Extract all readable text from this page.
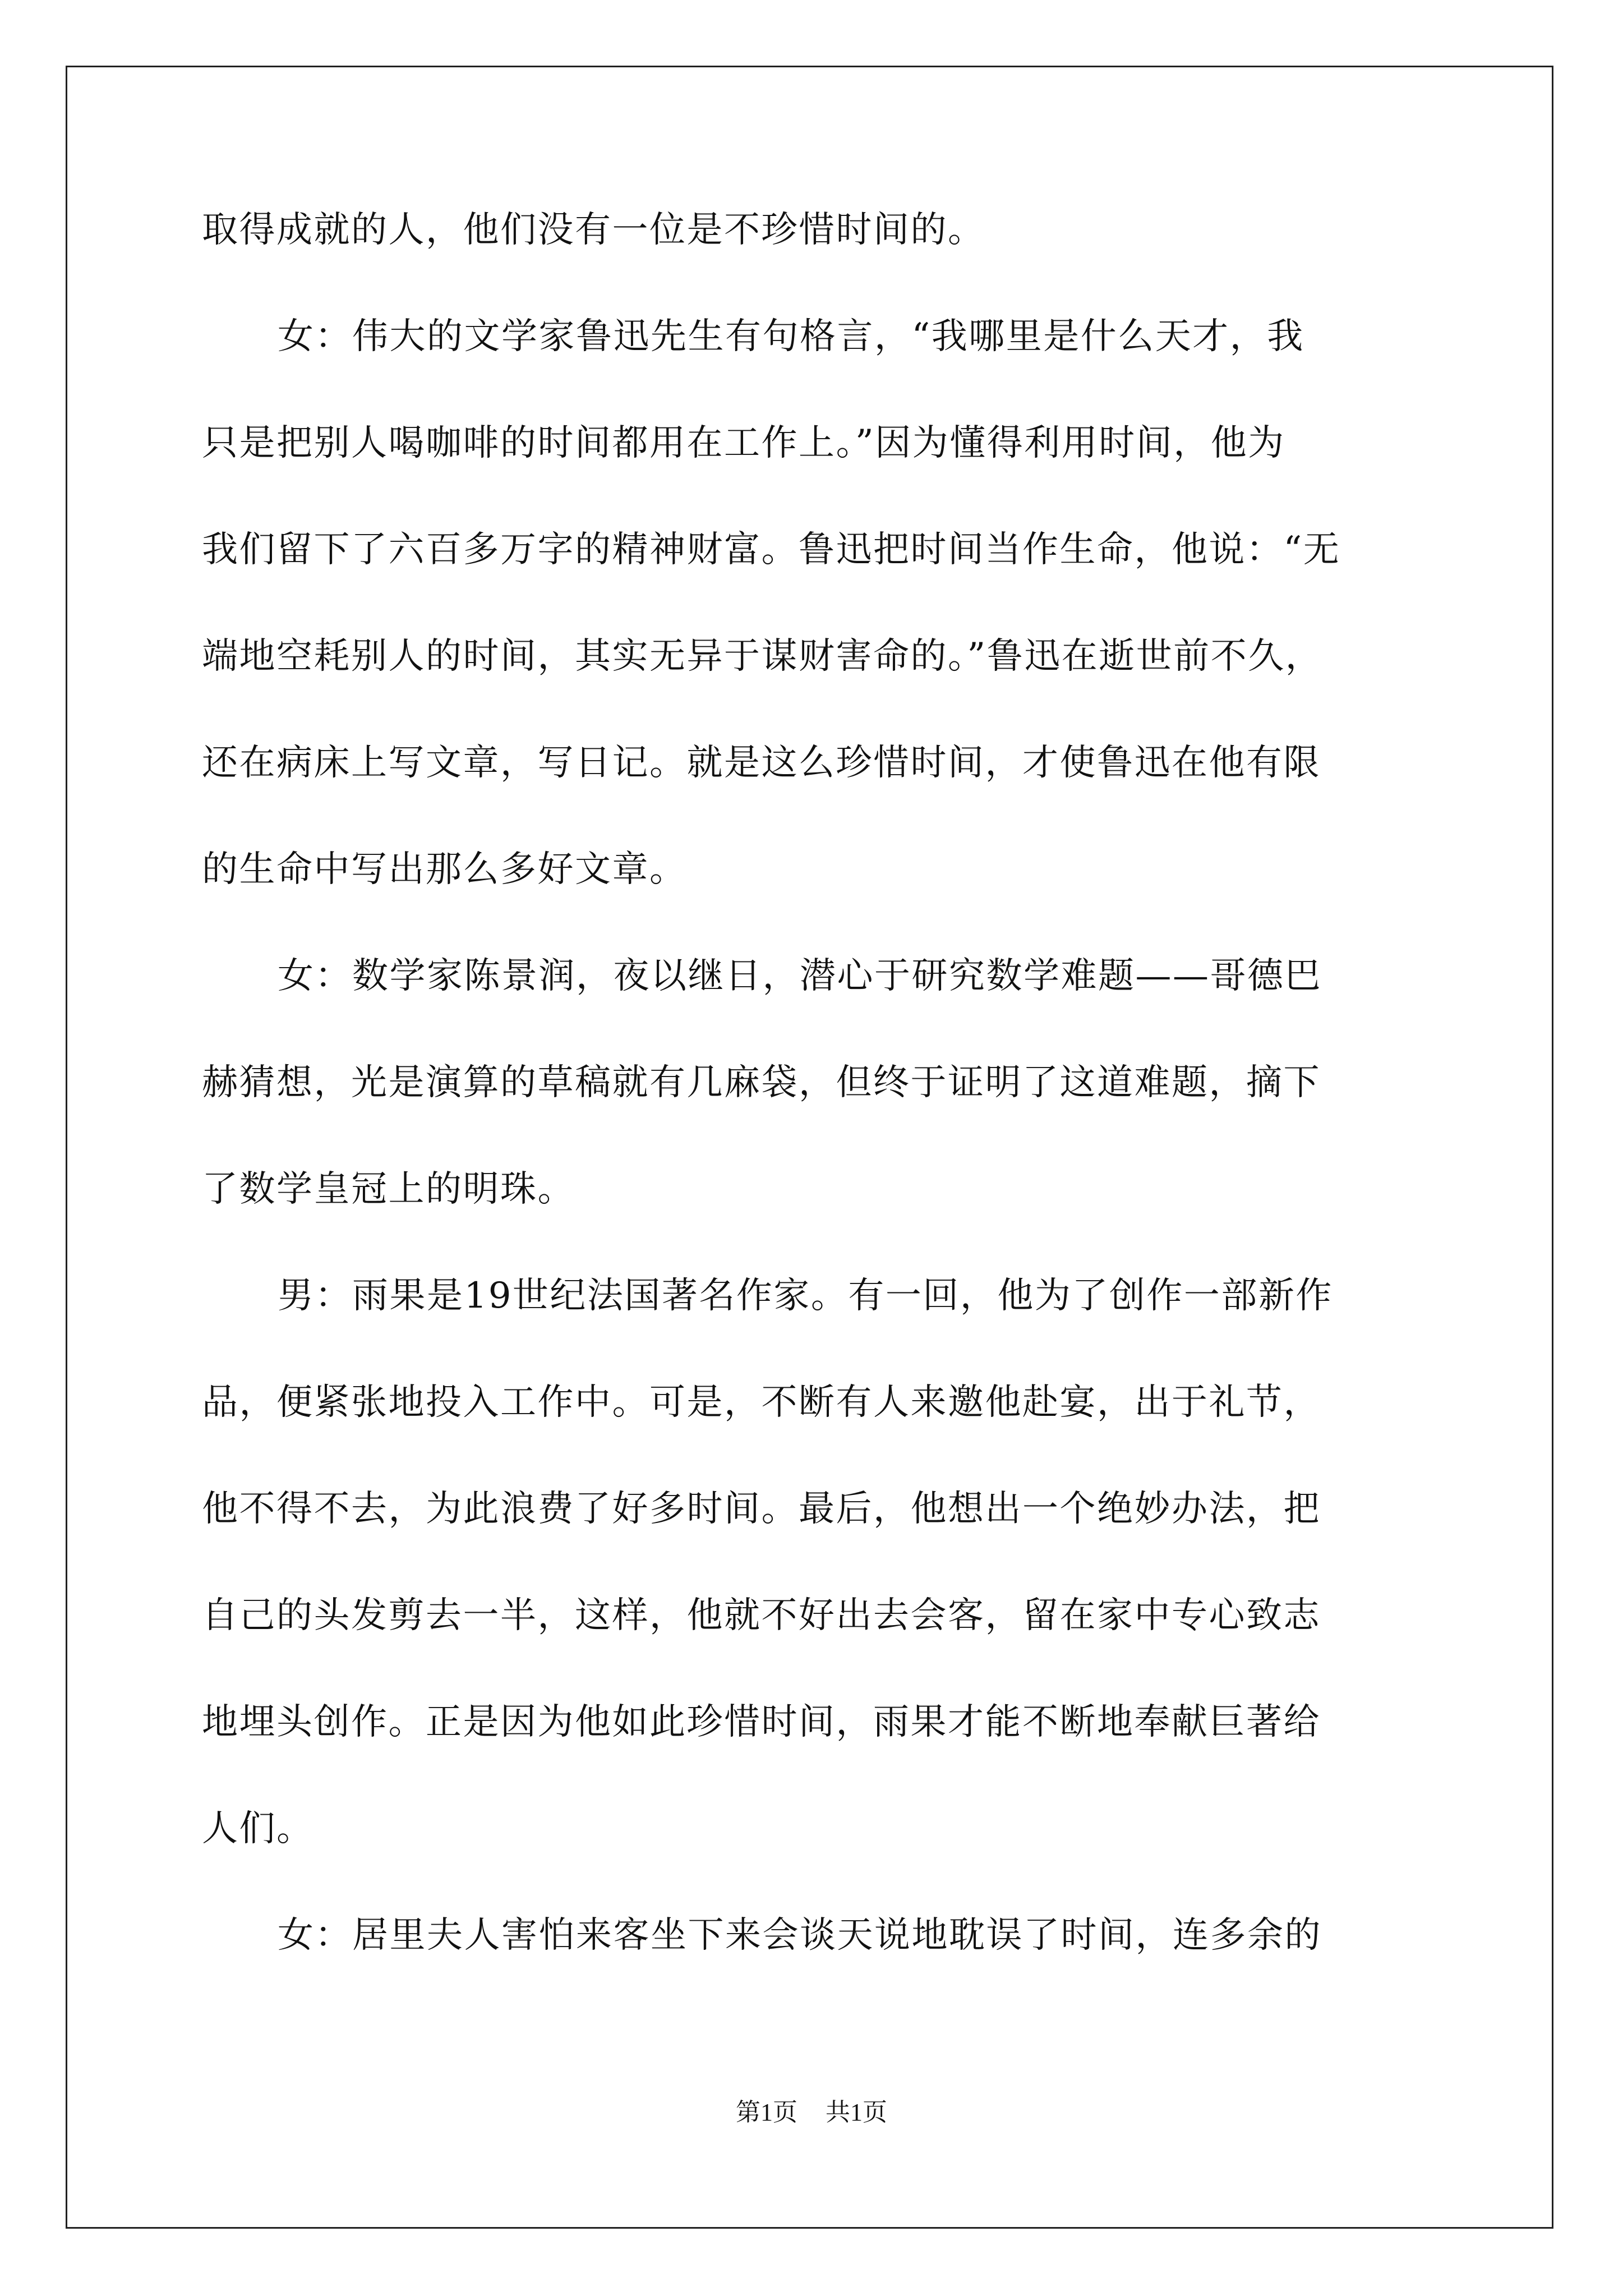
取得成就的人，他们没有一位是不珍惜时间的。
女：伟大的文学家鲁迅先生有句格言，“我哪里是什么天才，我
只是把别人喝咖啡的时间都用在工作上。”因为懂得利用时间，他为
我们留下了六百多万字的精神财富。鲁迅把时间当作生命，他说：“无
端地空耗别人的时间，其实无异于谋财害命的。”鲁迅在逝世前不久，
还在病床上写文章，写日记。就是这么珍惜时间，才使鲁迅在他有限
的生命中写出那么多好文章。
女：数学家陈景润，夜以继日，潜心于研究数学难题——哥德巴
赫猜想，光是演算的草稿就有几麻袋，但终于证明了这道难题，摘下
了数学皇冠上的明珠。
男：雨果是19世纪法国著名作家。有一回，他为了创作一部新作
品，便紧张地投入工作中。可是，不断有人来邀他赴宴，出于礼节，
他不得不去，为此浪费了好多时间。最后，他想出一个绝妙办法，把
自己的头发剪去一半，这样，他就不好出去会客，留在家中专心致志
地埋头创作。正是因为他如此珍惜时间，雨果才能不断地奉献巨著给
人们。
女：居里夫人害怕来客坐下来会谈天说地耽误了时间，连多余的
第1页 共1页
